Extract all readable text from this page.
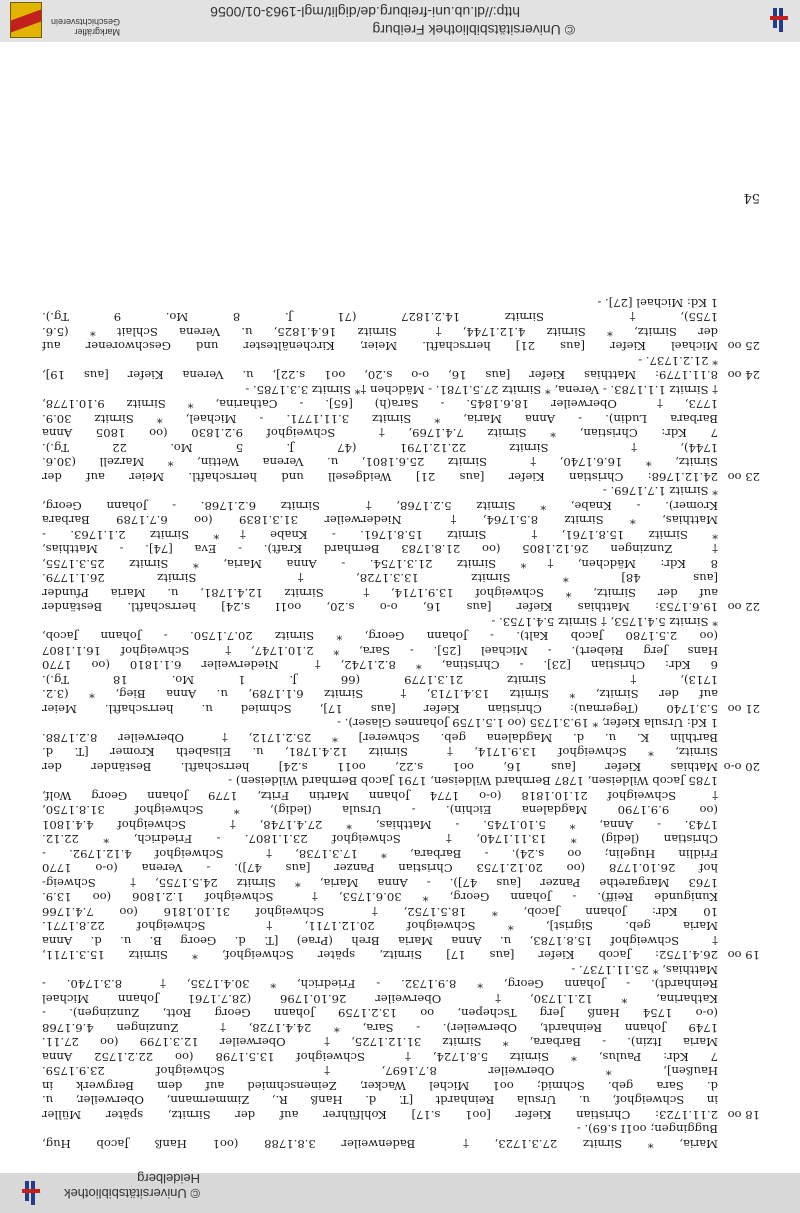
© Universitätsbibliothek Freiburg
http://dl.ub.uni-freiburg.de/diglit/mgl-1963-01/0056
Markgräfler Geschichtsverein
© Universitätsbibliothek Heidelberg
Maria, * Sirnitz 27.3.1723, † Badenweiler 3.8.1788 (oo1 Hanß Jacob Hug,
Buggingen; oo1I s.69). -
18 oo
2.11.1723: Christian Kiefer [oo1 s.17] Kohlführer auf der Sirnitz, später Müller
in Schweighof, u. Ursula Reinhardt [T. d. Hanß R., Zimmermann, Oberweiler, u.
d. Sara geb. Schmid; oo1 Michel Wacker, Zeinenschmied auf dem Bergwerk in
Haußen], * Oberweiler 8.7.1697, † Schweighof 23.9.1759.
7 Kdr: Paulus, * Sirnitz 5.8.1724, † Schweighof 13.5.1798 (oo 22.2.1752 Anna
Maria Itzin). - Barbara, * Sirnitz 31.12.1725, † Oberweiler 12.3.1799 (oo 27.11.
1749 Johann Reinhardt, Oberweiler). - Sara, * 24.4.1728, † Zunzingen 4.6.1768
(o-o 1754 Hanß Jerg Tschepen, oo 13.2.1759 Johann Georg Rott, Zunzingen). -
Katharina, * 12.1.1730, † Oberweiler 26.10.1796 (28.7.1761 Johann Michael
Reinhardt). - Johann Georg, * 8.9.1732. - Friedrich, * 30.4.1735, † 8.3.1740. -
Matthias, * 25.11.1737. -
19 oo
26.4.1752: Jacob Kiefer [aus 17] Sirnitz, später Schweighof, * Sirnitz 15.3.1711,
† Schweighof 15.8.1783, u. Anna Maria Breh (Prae) [T. d. Georg B. u. d. Anna
Maria geb. Sigrist], * Schweighof 20.12.1711, † Schweighof 22.8.1771.
10 Kdr: Johann Jacob, * 18.5.1752, † Schweighof 31.10.1816 (oo 7.4.1766
Kunigunde Reiff). - Johann Georg, * 30.6.1753, † Schweighof 1.2.1806 (oo 13.9.
1763 Margarethe Panzer [aus 47]). - Anna Maria, * Sirnitz 24.5.1755, † Schweig-
hof 26.10.1778 (oo 20.12.1753 Christian Panzer [aus 47]). - Verena (o-o 1770
Fridlin Hugelin; oo s.24). - Barbara, * 17.3.1738, † Schweighof 4.12.1792. -
Christian (ledig) * 13.11.1740, † Schweighof 23.1.1807. - Friedrich, * 22.12.
1743. - Anna, * 5.10.1745. - Matthias, * 27.4.1748, † Schweighof 4.4.1801
(oo 9.9.1790 Magdalena Eichin). - Ursula (ledig), * Schweighof 31.8.1750,
† Schweighof 21.10.1818 (o-o 1774 Johann Martin Fritz, 1779 Johann Georg Wolf,
1785 Jacob Wildeisen, 1787 Bernhard Wildeisen, 1791 Jacob Bernhard Wildeisen) -
20 o-o
Mathias Kiefer [aus 16, oo1 s.22, oo11 s.24] herrschaftl. Beständer der
Sirnitz, * Schweighof 13.9.1714, † Sirnitz 12.4.1781, u. Elisabeth Kromer [T. d.
Barthlin K. u. d. Magdalena geb. Schwerer] * 25.2.1712, † Oberweiler 8.2.1788.
1 Kd: Ursula Kiefer, * 19.3.1735 (oo 1.5.1759 Johannes Glaser). -
21 oo
5.3.1740 (Tegernau): Christian Kiefer [aus 17], Schmied u. herrschaftl. Meier
auf der Sirnitz, * Sirnitz 13.4.1713, † Sirnitz 6.1.1789, u. Anna Bieg, * (3.2.
1713), † Sirnitz 21.3.1779 (66 J. 1 Mo. 18 Tg.).
6 Kdr: Christian [23]. - Christina, * 8.2.1742, † Niederweiler 6.1.1810 (oo 1770
Hans Jerg Riebert). - Michael [25]. - Sara, * 2.10.1747, † Schweighof 16.1.1807
(oo 2.5.1780 Jacob Kalt). - Johann Georg, * Sirnitz 20.7.1750. - Johann Jacob,
* Sirnitz 5.4.1753, † Sirnitz 5.4.1753. -
22 oo
19.6.1753: Matthias Kiefer [aus 16, o-o s.20, oo1I s.24] herrschaftl. Beständer
auf der Sirnitz, * Schweighof 13.9.1714, † Sirnitz 12.4.1781, u. Maria Pfunder
[aus 48] * Sirnitz 13.3.1728, † Sirnitz 26.1.1779.
8 Kdr: Mädchen, †* Sirnitz 21.3.1754. - Anna Maria, * Sirnitz 25.3.1755,
† Zunzingen 26.12.1805 (oo 21.8.1783 Bernhard Kraft). - Eva [74]. - Matthias,
* Sirnitz 15.8.1761, † Sirnitz 15.8.1761. - Knabe †* Sirnitz 2.1.1763. -
Matthias, * Sirnitz 8.5.1764, † Niederweiler 31.3.1839 (oo 6.7.1789 Barbara
Kromer). - Knabe, * Sirnitz 5.2.1768, † Sirnitz 6.2.1768. - Johann Georg,
* Sirnitz 1.7.1769. -
23 oo
24.12.1768: Christian Kiefer [aus 21] Weidgesell und herrschaftl. Meier auf der
Sirnitz, * 16.6.1740, † Sirnitz 25.6.1801, u. Verena Wettin, * Marzell (30.6.
1744), † Sirnitz 22.12.1791 (47 J. 5 Mo. 22 Tg.).
7 Kdr: Christian, * Sirnitz 7.4.1769, † Schweighof 9.2.1830 (oo 1805 Anna
Barbara Ludin). - Anna Maria, * Sirnitz 3.11.1771. - Michael, * Sirnitz 30.9.
1773, † Oberweiler 18.6.1845. - Sara(h) [65]. - Catharina, * Sirnitz 9.10.1778,
† Sirnitz 1.1.1783. - Verena, * Sirnitz 27.5.1781. - Mädchen †* Sirnitz 3.3.1785. -
24 oo
8.11.1779: Matthias Kiefer [aus 16, o-o s.20, oo1 s.22], u. Verena Kiefer [aus 19],
* 21.2.1737. -
25 oo
Michael Kiefer [aus 21] herrschaftl. Meier, Kirchenältester und Geschworener auf
der Sirnitz, * Sirnitz 4.12.1744, † Sirnitz 16.4.1825, u. Verena Schlait * (5.6.
1755), † Sirnitz 14.2.1827 (71 J. 8 Mo. 9 Tg.).
1 Kd: Michael [27]. -
54
